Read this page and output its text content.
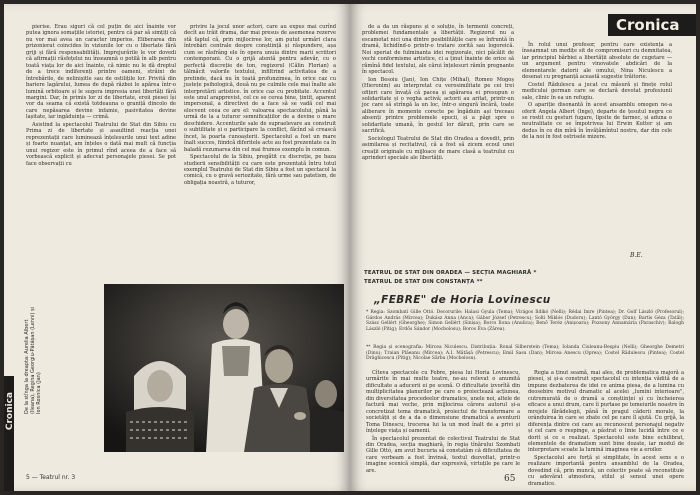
pierise. Erau siguri că cel puțin de aici înainte vor putea ignora somațiile istoriei, pentru că par să simțiți că nu vor mai avea un caracter imperios. Eliberarea din prizonierat coincides în viziunile lor cu o libertate fără griji și fără responsabilități. Imprejurările le vor dovedi că afirmații răsfețelui nu înseamnă o potilă în alb pentru toată viața lor de aici înainte, că nimic nu le dă dreptul de a trece indiferenți printre oameni, străini de întrebările, de nelinișitle sau de ostilițile lor. Privită din bariere lagărului, lumea de după război le apărea într-o lumină orbitoare și le sugera impresia unei libertăți fără margini. Dar, în primis lor zi de libertate, eroii piesei își vor da seama că există totdeauna o graniță dincolo de care nepăsarea devine infamie, pasivitatea devine lașitate, iar ingăduința — crimă.

Asistind la spectacolul Teatrului de Stat din Sibiu cu Prima zi de libertate și asaultind reacția unei reprezentații care luminează înțelesurile unui text adine și foarte nuanțat, am înțeles o dată mai mult că funcția unui regizor este în primul rînd aceea de a face să vorbească explicit și adecvat personajele piesei. Se pot face observații cu

privire la jocul unor actori, care au expus mai curînd decît au trăit drama, dar mai presus de asemenea rezerve stă faptul că, prin mijlociree lor, am putut urmări clara întrebări centrale despre conștiință și răspundere, așa cum se răsfrâng ele în opera unuia dintre marii scriitori contemporani. Cu o grijă atentă pentru adevăr, cu o perfectă discreție de ton, regizorul (Călin Florian) a tălmăcit valorile textului, infiltrind activitatea de a pretinde, dacă nu în toată profunzimea, în orice caz cu justețe psihologică, două nu pe culmile cele mai înalte ale interpretării artistice. în orice caz cu probitate. Accentul este unul arapprevist, cel ce se cerea bine, țintit, aparent impersonal, a directivei de a face să se vadă cel mai elocvent ceea ce are el: valoarea spectacolului, până la urmă de la a tuturor semnificațiilor de a devine o mare deschidere. Accenturile sale de supraelevare au construit o subtilitate și o participare la conflict, făcînd să crească încet, la poarta cunoașterii. Spectacolul a fost un mare înalt succes, fiindcă diferitele acte au fost prezentate ca în baladă rezumarea din cel mai frumos exemplu în comun.

Spectacolul de la Sibiu, pregătit cu discreție, pe baza studierii sensibilității cu care este prezentată întru totul exemplul Teatrului de Stat din Sibiu a fost un spectacol la comică, cu o gravă seriozitate, fără urme sau patetism, de obligația noastră, a tuturor,

Cronica De la stînga la dreapta: Aurelia Albert (Ileana), Regina Georgiu-Pătășan (Lenni) și Ion Rosnica (Jan)
5 — Teatrul nr. 3
Cronica

de a da un răspuns și o soluție, în termenii concreți, problemei fundamentale a libertății. Regizorul nu a escamotat nici una dintre posibilitățile care se înfruntă în dramă, lichidînd-o printr-o tratare zorită sau logoreică. Noi speriat de fulminanta idei regizorale, nici păcălit de vechi conformisme artistice, ci a ținut înainte de orice să rămînă fidel textului, ale cărui înțelesuri rămîn pregnante în spectacol.

Ion Besoiu (Jan), Ion Chițe (Mihal), Romeo Mogoș (Hieronim) au interpretat cu verosimilitate pe cei trei ofițeri care învață că pacea și apărarea ei presupun o solidaritate și o vegha activă; actorii au aritat, printr-un joc care să strîngă la un loc, într-o singură încără, toate aliberare în momente corecte pe îngăduin ași treceau absenți printre problemele epocii, și a păgi spre o solidaritate umană, în gestul lor dăruit, prin care se sacrifică.

Sociologul Teatrului de Stat din Oradea a dovedit, prin asimilarea și recitativul, că a fost să zicem ecoul unei creații originale cu mijloace de mare clasă a teatrului cu aprinderi speciale ale libertății.

În rolul unui profesor, pentru care existența a înseamnat un medițe sit de compromisuri cu demnitatea, iar principiul bărbiei a libertății absolute de cugetare — un argument pentru vinovatele abdicări de la elementarele datorii ale omului, Nina Niculescu a desenat cu pregnanță această sugestie trăitorie.

Costel Rădulescu a jucat cu măsură și finețe rolul medicului german care se declară devotat profesiunii sale, clinic în ea un refugiu.

O apariție disonantă în acest ansamblu omogen ne-a oferit Angela Albert (Inge), departe de țesutul negru ce se rostit cu gesturi fugare, lipsite de farmec, și aduna o neutralitate ce se împotrivea lui Erwin Kutter și am dedus în ce din mîră în învățămîntul nostru, dar din cele de la noi în fost ostrisele mizere.

B.E.
TEATRUL DE STAT DIN ORADEA — SECȚIA MAGHIARĂ *
TEATRUL DE STAT DIN CONSTANȚA **
„FEBRE" de Horia Lovinescu
* Regia: Szombati Gille Ottó. Decorurile: Halasi Gyula (Tema); Virágos Ildikó (Nelli); Rédai Imre (Pintea); Dr. Golf László (Profesorul); Gárdos András (Mircea); Dukász Anna (Anca); Gábor József (Petrescu); Solti Miklós (Dudoru); Lantó György (Dan); Bartis Géza (Tatăl); Szász Gellért (Gheorghe); Simon Gellért (Sinișa); Borcs Ilona (Anulica); Benő Teréz (Anișoara); Pozsony Annamária (Paraschiv); Balogh László (Pitig); Erdős Sándor (Mocbolosu); Boros Éva (Zârea).
** Regia și scenografia: Mircea Niculescu. Distribuția: Ronal Silberstein (Tema); Iolanda Ciuleanu-Beșpiu (Nelli); Gheorghe Demetri (Dinu); Traian Plăeanu (Mircea); A.I. Mătășă (Petrescu); Emil Sasu (Dan); Mircea Anescu (Oprea); Costel Rădulescu (Pintea); Costel Drăghicescu (Pitig); Nicolae Sârbu (Mocbolosu).

Cîteva spectacole cu Febre, piesa lui Horia Lovinescu, urmărite în mai multe teatre, ne-au relevat o anumită dificultate a aducerii ei pe scenă. O dificultate izvorîtă din multiplicitatea planurilor pe care o proiectează acțiunea, din diversitatea procedeelor dramatice, unele noi, altele de factură mai veche, prin mijlocirea cărora autorul și-a concretizat tema dramatică, proiectul de transformare a societății și de a da o dimensiune dramatică a aventurii Toma Dinescu, trecerea lui la un mod înalt de a privi și înțelege viața și oamenii.

În spectacolul prezentat de colectivul Teatrului de Stat din Oradea, secția maghiară, în regia tînărului Szombati Gille Ottó, am avut bucuria să constatăm că dificultatea de care vorbeam a fost învinsă, textul dezvoltat, printr-o imagine scenică simplă, dar expresivă, virtuțile pe care le are.

Regia a ținut seamă, mai ales, de problematica majoră a piesei, și și-a construit spectacolul cu intenția vădită de a impune dezbaterea de idei ce anima piesa, de a lumina cu deosebire motivul dramatic al acelei „lumini interioare", cutremurată de o dramă a conștiinței și cu încheierea eficace a unui drum, care îi purtase pe temeiurile noastre în mrejele fărădelegii, până în pragul căderii morale, la orânduirea în care se zbate cel pe care îl ajută. Cu grijă, la diferența dintre cei care au recunoscut personajul negativ și cel care o respinge, a păstrat o linie lucidă între ce e dorit și ce e realizat. Spectacolul este bine echilibrat, elementele de dramatism sunt bine dozate, iar modul de interpretare scoate la lumină imaginea vie a eroilor.

Spectacolul are forță și simplitate, în acest sens e o realizare importantă pentru ansamblul de la Oradea, dovedind că, prin muncă, un colectiv poate să reconstituie cu adevărat atmosfera, stilul și sensul unei opere dramatice.

65
